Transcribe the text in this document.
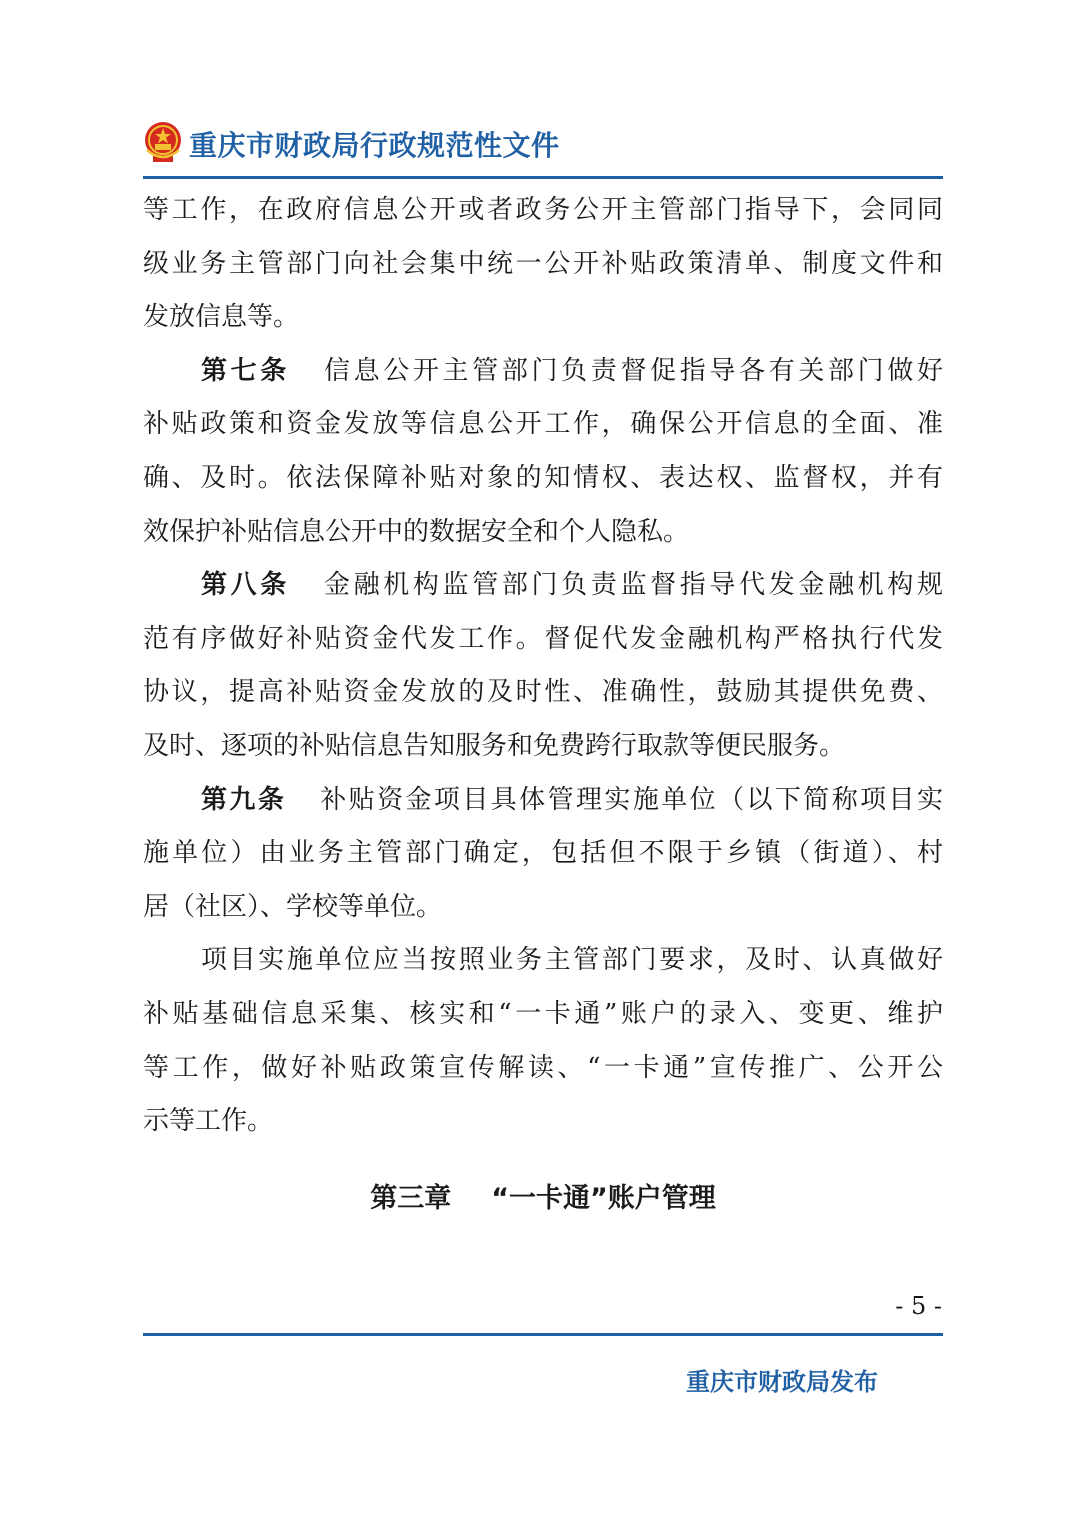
重庆市财政局行政规范性文件
等工作，在政府信息公开或者政务公开主管部门指导下，会同同
级业务主管部门向社会集中统一公开补贴政策清单、制度文件和
发放信息等。
第七条 信息公开主管部门负责督促指导各有关部门做好
补贴政策和资金发放等信息公开工作，确保公开信息的全面、准
确、及时。依法保障补贴对象的知情权、表达权、监督权，并有
效保护补贴信息公开中的数据安全和个人隐私。
第八条 金融机构监管部门负责监督指导代发金融机构规
范有序做好补贴资金代发工作。督促代发金融机构严格执行代发
协议，提高补贴资金发放的及时性、准确性，鼓励其提供免费、
及时、逐项的补贴信息告知服务和免费跨行取款等便民服务。
第九条 补贴资金项目具体管理实施单位（以下简称项目实
施单位）由业务主管部门确定，包括但不限于乡镇（街道）、村
居（社区）、学校等单位。
项目实施单位应当按照业务主管部门要求，及时、认真做好
补贴基础信息采集、核实和“一卡通”账户的录入、变更、维护
等工作，做好补贴政策宣传解读、“一卡通”宣传推广、公开公
示等工作。
第三章 “一卡通”账户管理
- 5 -
重庆市财政局发布
